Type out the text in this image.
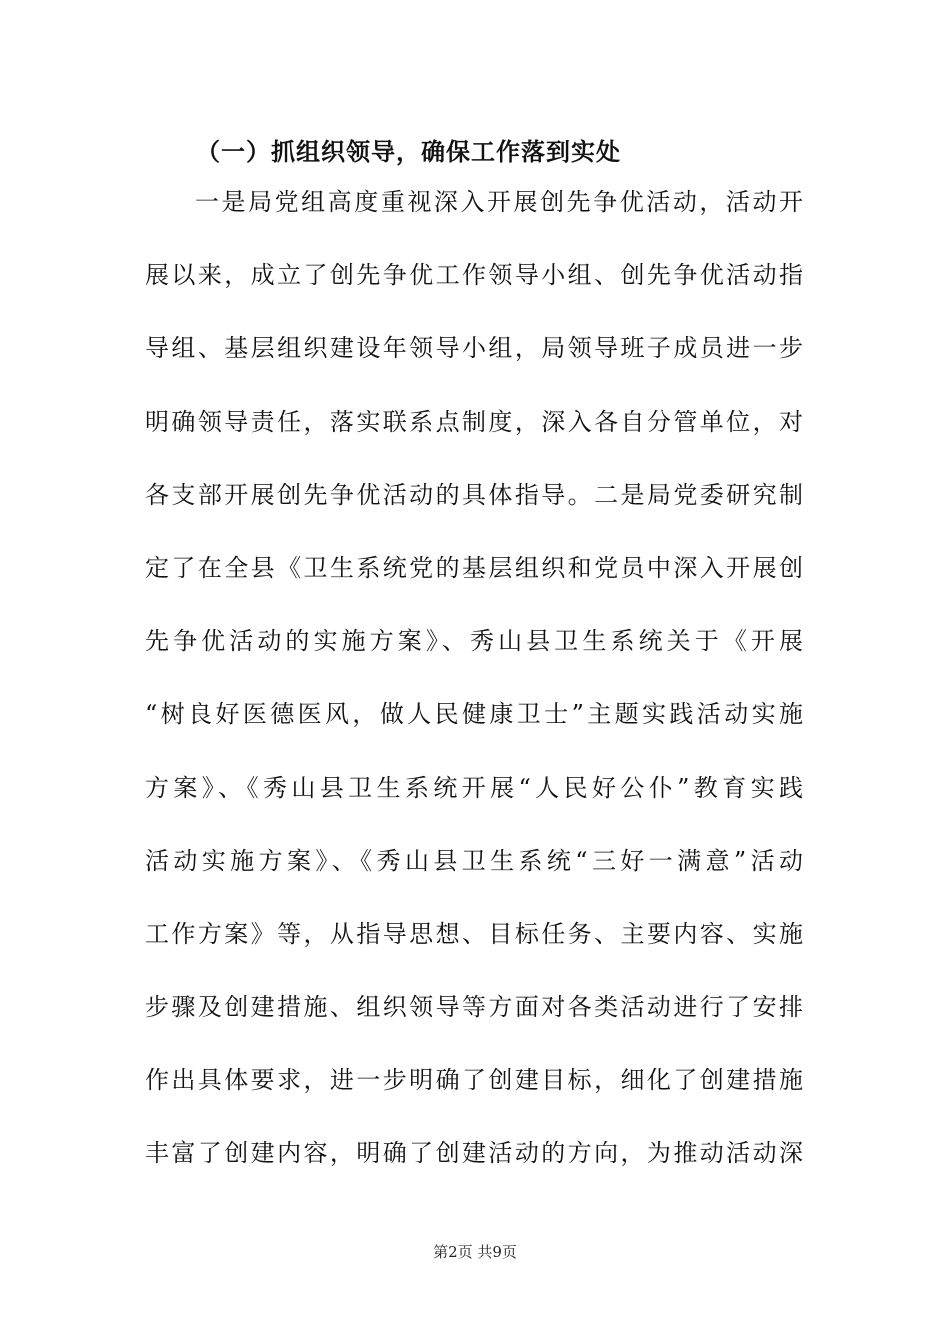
（一）抓组织领导，确保工作落到实处
一是局党组高度重视深入开展创先争优活动，活动开
展以来，成立了创先争优工作领导小组、创先争优活动指
导组、基层组织建设年领导小组，局领导班子成员进一步
明确领导责任，落实联系点制度，深入各自分管单位，对
各支部开展创先争优活动的具体指导。二是局党委研究制
定了在全县《卫生系统党的基层组织和党员中深入开展创
先争优活动的实施方案》、秀山县卫生系统关于《开展
“树良好医德医风，做人民健康卫士”主题实践活动实施
方案》、《秀山县卫生系统开展“人民好公仆”教育实践
活动实施方案》、《秀山县卫生系统“三好一满意”活动
工作方案》等，从指导思想、目标任务、主要内容、实施
步骤及创建措施、组织领导等方面对各类活动进行了安排
作出具体要求，进一步明确了创建目标，细化了创建措施
丰富了创建内容，明确了创建活动的方向，为推动活动深
第2页 共9页
